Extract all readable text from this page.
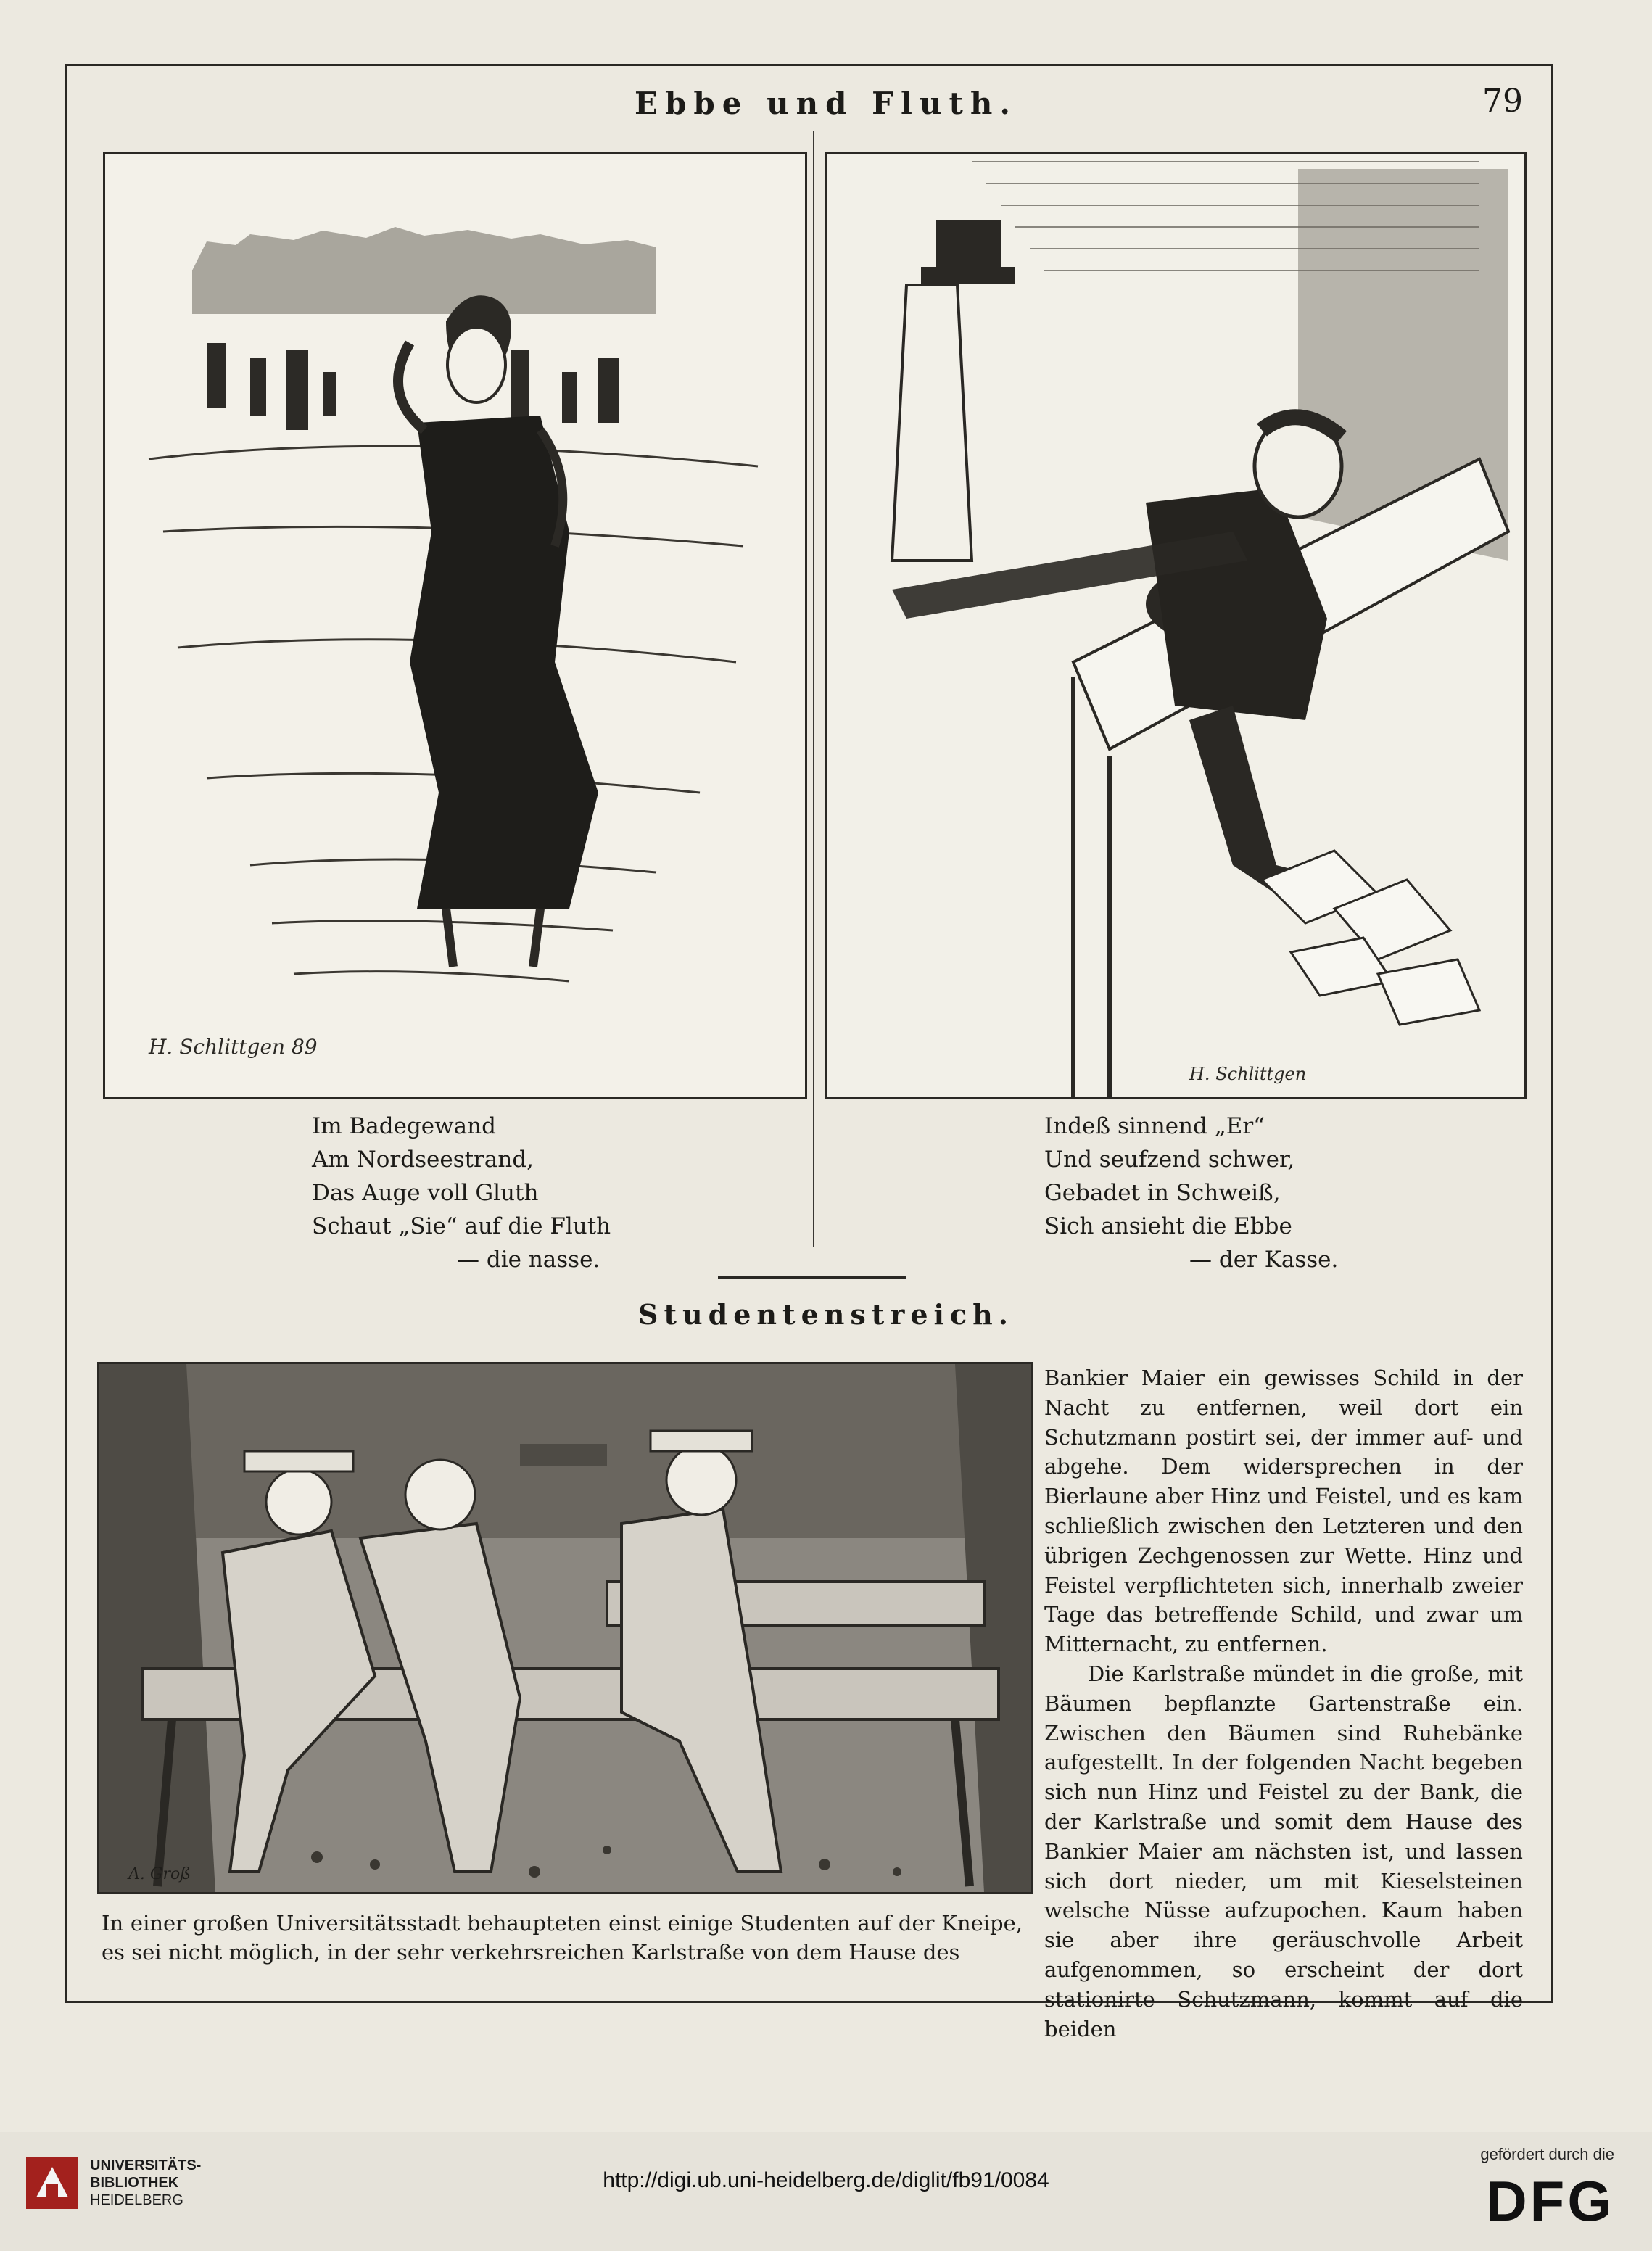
Ebbe und Fluth.	79
H. Schlittgen 89
H. Schlittgen
Im Badegewand
Am Nordseestrand,
Das Auge voll Gluth
Schaut „Sie“ auf die Fluth
— die nasse.
Indeß sinnend „Er“
Und seufzend schwer,
Gebadet in Schweiß,
Sich ansieht die Ebbe
— der Kasse.
Studentenstreich.
A. Groß

Bankier Maier ein gewisses Schild in der Nacht zu entfernen, weil dort ein Schutzmann postirt sei, der immer auf- und abgehe. Dem widersprechen in der Bierlaune aber Hinz und Feistel, und es kam schließlich zwischen den Letzteren und den übrigen Zechgenossen zur Wette. Hinz und Feistel verpflichteten sich, innerhalb zweier Tage das betreffende Schild, und zwar um Mitternacht, zu entfernen.

Die Karlstraße mündet in die große, mit Bäumen bepflanzte Gartenstraße ein. Zwischen den Bäumen sind Ruhebänke aufgestellt. In der folgenden Nacht begeben sich nun Hinz und Feistel zu der Bank, die der Karlstraße und somit dem Hause des Bankier Maier am nächsten ist, und lassen sich dort nieder, um mit Kieselsteinen welsche Nüsse aufzupochen. Kaum haben sie aber ihre geräuschvolle Arbeit aufgenommen, so erscheint der dort stationirte Schutzmann, kommt auf die beiden

In einer großen Universitätsstadt behaupteten einst einige Studenten auf der Kneipe, es sei nicht möglich, in der sehr verkehrsreichen Karlstraße von dem Hause des
UNIVERSITÄTS-
BIBLIOTHEK
HEIDELBERG
http://digi.ub.uni-heidelberg.de/diglit/fb91/0084
gefördert durch die
DFG
